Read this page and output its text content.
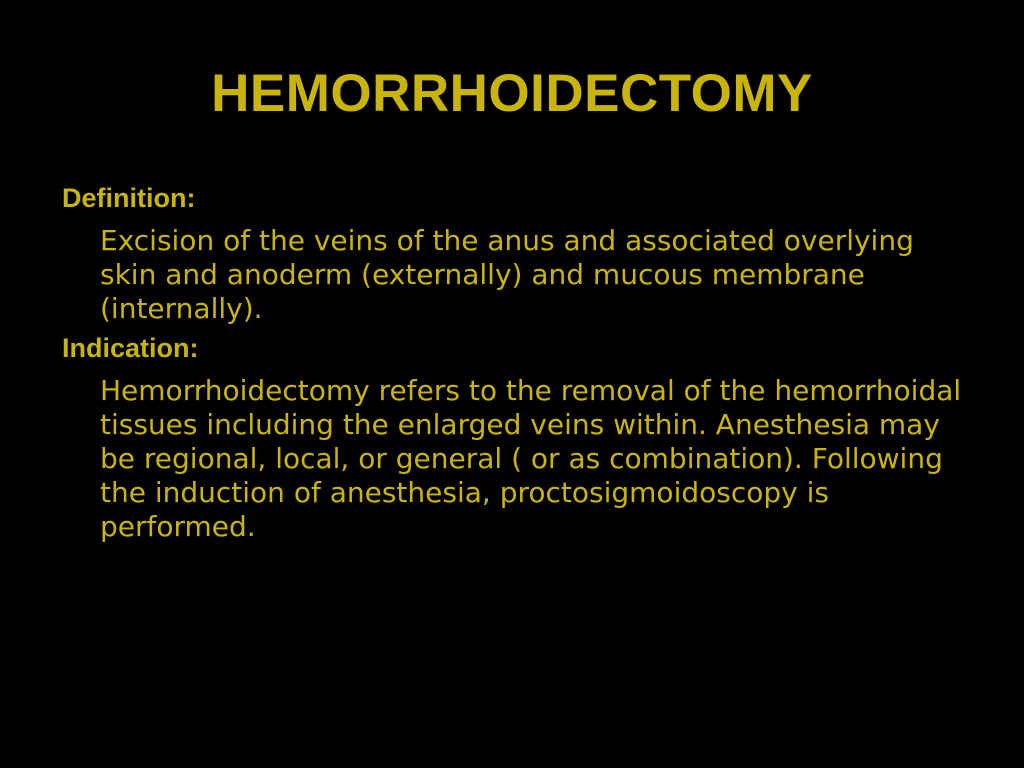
HEMORRHOIDECTOMY
Definition:
Excision of the veins of the anus and associated overlying skin and anoderm (externally) and mucous membrane (internally).
Indication:
Hemorrhoidectomy refers to the removal of the hemorrhoidal tissues including the enlarged veins within. Anesthesia may be regional, local, or general ( or as combination). Following the induction of anesthesia, proctosigmoidoscopy is performed.
